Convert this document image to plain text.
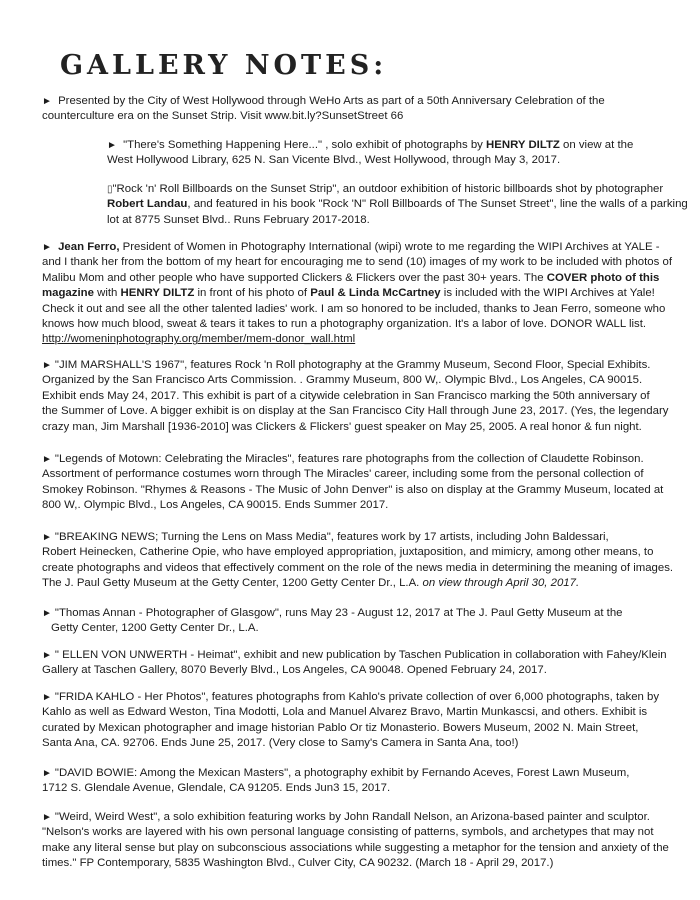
GALLERY NOTES:
► Presented by the City of West Hollywood through WeHo Arts as part of a 50th Anniversary Celebration of the
counterculture era on the Sunset Strip. Visit www.bit.ly?SunsetStreet 66
► "There's Something Happening Here..." , solo exhibit of photographs by HENRY DILTZ on view at the
West Hollywood Library, 625 N. San Vicente Blvd., West Hollywood, through May 3, 2017.
▯"Rock 'n' Roll Billboards on the Sunset Strip", an outdoor exhibition of historic billboards shot by photographer
Robert Landau, and featured in his book "Rock 'N" Roll Billboards of The Sunset Street", line the walls of a parking
lot at 8775 Sunset Blvd.. Runs February 2017-2018.
► Jean Ferro, President of Women in Photography International (wipi) wrote to me regarding the WIPI Archives at YALE -
and I thank her from the bottom of my heart for encouraging me to send (10) images of my work to be included with photos of
Malibu Mom and other people who have supported Clickers & Flickers over the past 30+ years. The COVER photo of this
magazine with HENRY DILTZ in front of his photo of Paul & Linda McCartney is included with the WIPI Archives at Yale!
Check it out and see all the other talented ladies' work. I am so honored to be included, thanks to Jean Ferro, someone who
knows how much blood, sweat & tears it takes to run a photography organization. It's a labor of love. DONOR WALL list.
http://womeninphotography.org/member/mem-donor_wall.html
► "JIM MARSHALL'S 1967", features Rock 'n Roll photography at the Grammy Museum, Second Floor, Special Exhibits.
Organized by the San Francisco Arts Commission. . Grammy Museum, 800 W,. Olympic Blvd., Los Angeles, CA 90015.
Exhibit ends May 24, 2017. This exhibit is part of a citywide celebration in San Francisco marking the 50th anniversary of
the Summer of Love. A bigger exhibit is on display at the San Francisco City Hall through June 23, 2017. (Yes, the legendary
crazy man, Jim Marshall [1936-2010] was Clickers & Flickers' guest speaker on May 25, 2005. A real honor & fun night.
► "Legends of Motown: Celebrating the Miracles", features rare photographs from the collection of Claudette Robinson.
Assortment of performance costumes worn through The Miracles' career, including some from the personal collection of
Smokey Robinson. "Rhymes & Reasons - The Music of John Denver" is also on display at the Grammy Museum, located at
800 W,. Olympic Blvd., Los Angeles, CA 90015. Ends Summer 2017.
► "BREAKING NEWS; Turning the Lens on Mass Media", features work by 17 artists, including John Baldessari,
Robert Heinecken, Catherine Opie, who have employed appropriation, juxtaposition, and mimicry, among other means, to
create photographs and videos that effectively comment on the role of the news media in determining the meaning of images.
The J. Paul Getty Museum at the Getty Center, 1200 Getty Center Dr., L.A. on view through April 30, 2017.
► "Thomas Annan - Photographer of Glasgow", runs May 23 - August 12, 2017 at The J. Paul Getty Museum at the
Getty Center, 1200 Getty Center Dr., L.A.
► " ELLEN VON UNWERTH - Heimat", exhibit and new publication by Taschen Publication in collaboration with Fahey/Klein
Gallery at Taschen Gallery, 8070 Beverly Blvd., Los Angeles, CA 90048. Opened February 24, 2017.
► "FRIDA KAHLO - Her Photos", features photographs from Kahlo's private collection of over 6,000 photographs, taken by
Kahlo as well as Edward Weston, Tina Modotti, Lola and Manuel Alvarez Bravo, Martin Munkascsi, and others. Exhibit is
curated by Mexican photographer and image historian Pablo Or tiz Monasterio. Bowers Museum, 2002 N. Main Street,
Santa Ana, CA. 92706. Ends June 25, 2017. (Very close to Samy's Camera in Santa Ana, too!)
► "DAVID BOWIE: Among the Mexican Masters", a photography exhibit by Fernando Aceves, Forest Lawn Museum,
1712 S. Glendale Avenue, Glendale, CA 91205. Ends Jun3 15, 2017.
► "Weird, Weird West", a solo exhibition featuring works by John Randall Nelson, an Arizona-based painter and sculptor.
"Nelson's works are layered with his own personal language consisting of patterns, symbols, and archetypes that may not
make any literal sense but play on subconscious associations while suggesting a metaphor for the tension and anxiety of the
times." FP Contemporary, 5835 Washington Blvd., Culver City, CA 90232. (March 18 - April 29, 2017.)
